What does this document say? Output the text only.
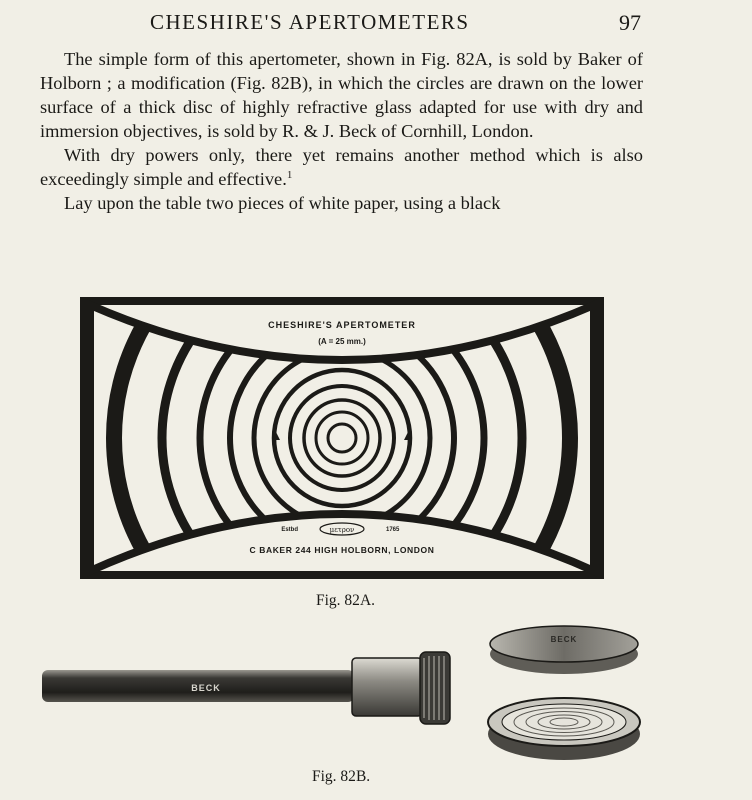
CHESHIRE'S APERTOMETERS	97

The simple form of this apertometer, shown in Fig. 82A, is sold by Baker of Holborn ; a modification (Fig. 82B), in which the circles are drawn on the lower surface of a thick disc of highly refractive glass adapted for use with dry and immersion objectives, is sold by R. & J. Beck of Cornhill, London.

With dry powers only, there yet remains another method which is also exceedingly simple and effective.$^1$

Lay upon the table two pieces of white paper, using a black

CHESHIRE'S APERTOMETER
(A = 25 mm.)
Estbd	μετρον	1765
C BAKER 244 HIGH HOLBORN, LONDON
Fig. 82A.
BECK
BECK
Fig. 82B.
